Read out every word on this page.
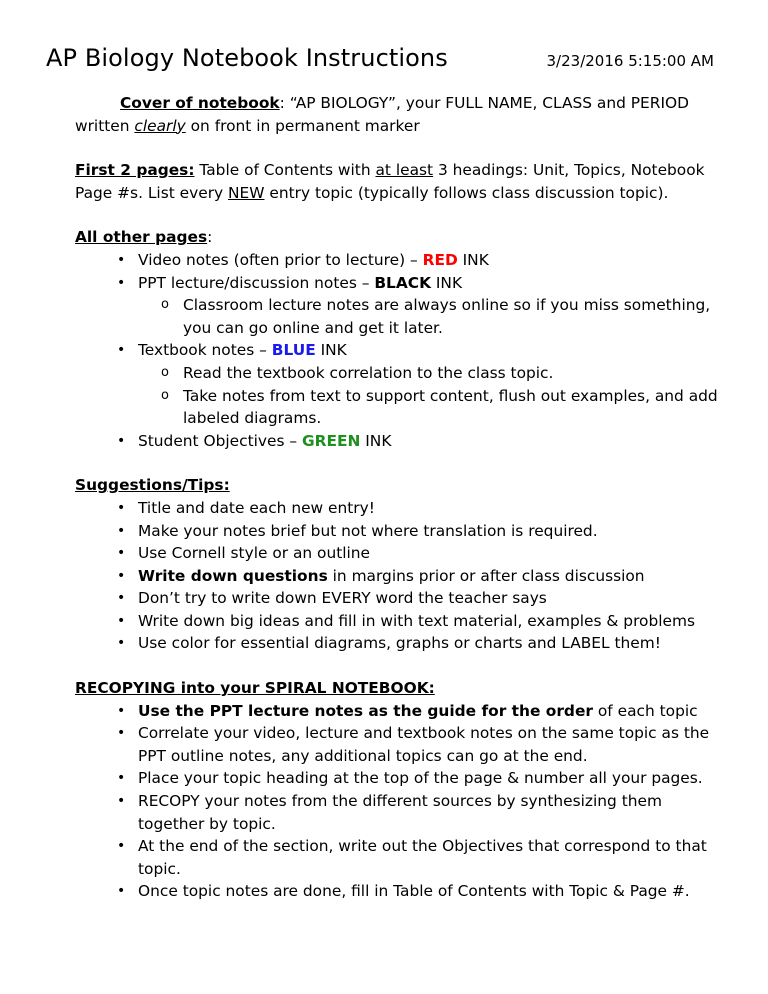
AP Biology Notebook Instructions	3/23/2016 5:15:00 AM

Cover of notebook: “AP BIOLOGY”, your FULL NAME, CLASS and PERIOD written clearly on front in permanent marker

First 2 pages: Table of Contents with at least 3 headings: Unit, Topics, Notebook Page #s. List every NEW entry topic (typically follows class discussion topic).

All other pages:

• Video notes (often prior to lecture) – RED INK
• PPT lecture/discussion notes – BLACK INK
o Classroom lecture notes are always online so if you miss something, you can go online and get it later.
• Textbook notes – BLUE INK
o Read the textbook correlation to the class topic.
o Take notes from text to support content, flush out examples, and add labeled diagrams.
• Student Objectives – GREEN INK

Suggestions/Tips:

• Title and date each new entry!
• Make your notes brief but not where translation is required.
• Use Cornell style or an outline
• Write down questions in margins prior or after class discussion
• Don’t try to write down EVERY word the teacher says
• Write down big ideas and fill in with text material, examples & problems
• Use color for essential diagrams, graphs or charts and LABEL them!

RECOPYING into your SPIRAL NOTEBOOK:

• Use the PPT lecture notes as the guide for the order of each topic
• Correlate your video, lecture and textbook notes on the same topic as the PPT outline notes, any additional topics can go at the end.
• Place your topic heading at the top of the page & number all your pages.
• RECOPY your notes from the different sources by synthesizing them together by topic.
• At the end of the section, write out the Objectives that correspond to that topic.
• Once topic notes are done, fill in Table of Contents with Topic & Page #.
